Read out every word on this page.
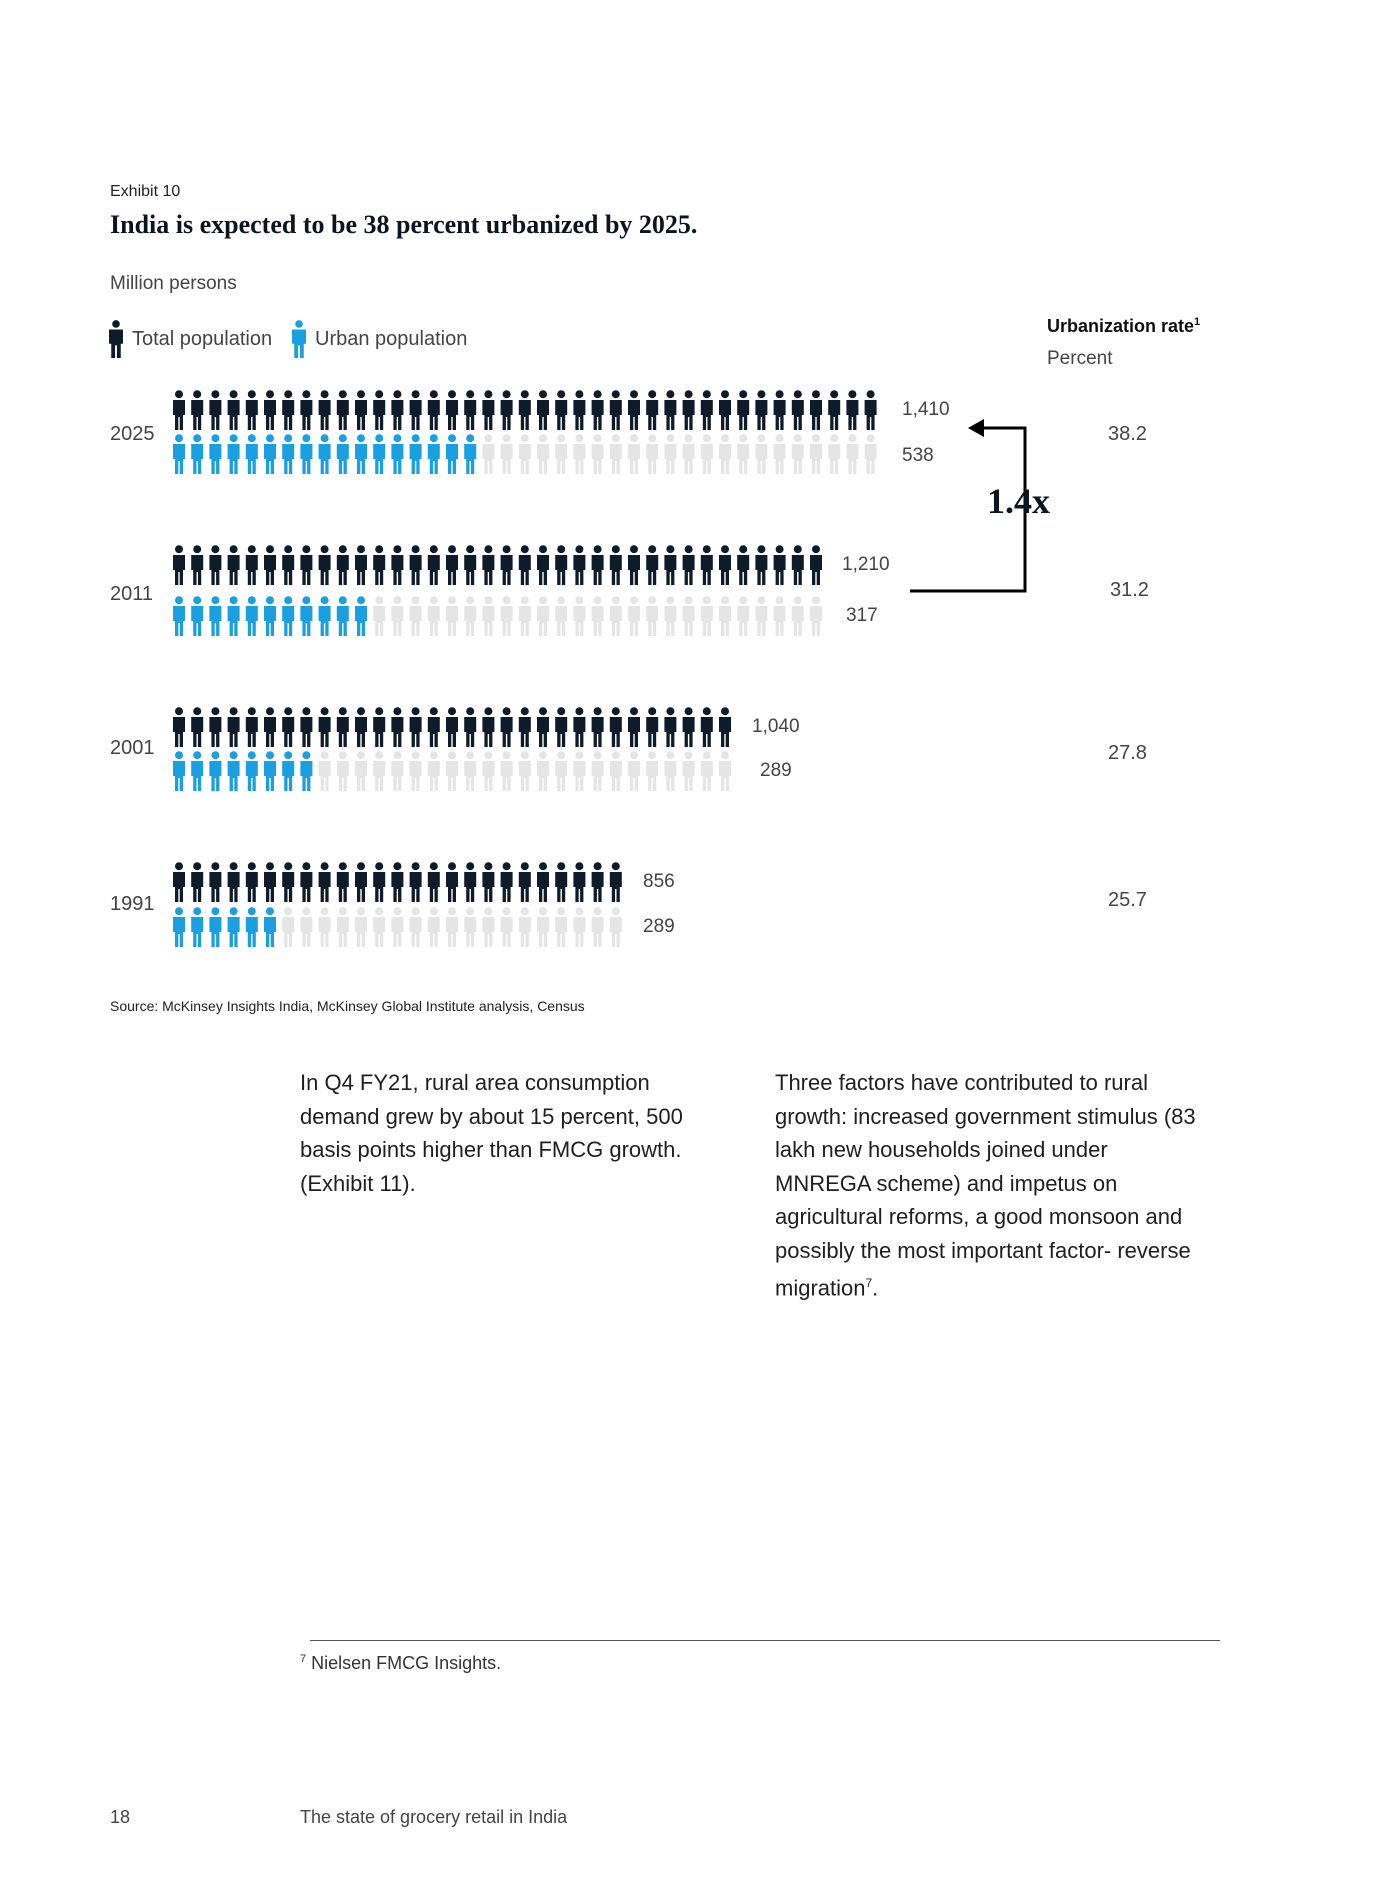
Exhibit 10
India is expected to be 38 percent urbanized by 2025.
Million persons
Total population Urban population
Urbanization rate$^1$
Percent
2025
1,410
538
38.2
2011
1,210
317
31.2
2001
1,040
289
27.8
1991
856
289
25.7
1.4x
Source: McKinsey Insights India, McKinsey Global Institute analysis, Census
In Q4 FY21, rural area consumption demand grew by about 15 percent, 500 basis points higher than FMCG growth. (Exhibit 11).
Three factors have contributed to rural growth: increased government stimulus (83 lakh new households joined under MNREGA scheme) and impetus on agricultural reforms, a good monsoon and possibly the most important factor- reverse migration$^7$.
$^7$ Nielsen FMCG Insights.
18	The state of grocery retail in India
